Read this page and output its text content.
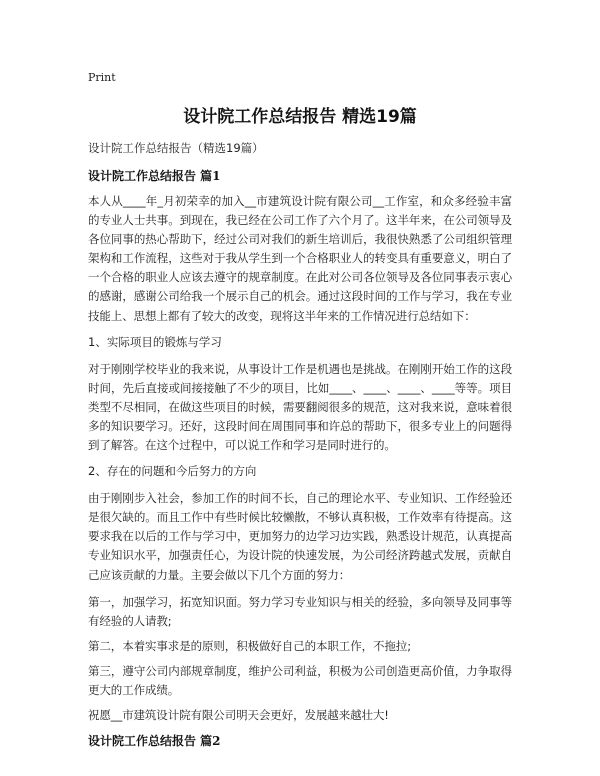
Print
设计院工作总结报告 精选19篇
设计院工作总结报告（精选19篇）
设计院工作总结报告 篇1
本人从____年_月初荣幸的加入__市建筑设计院有限公司__工作室，和众多经验丰富的专业人士共事。到现在，我已经在公司工作了六个月了。这半年来，在公司领导及各位同事的热心帮助下，经过公司对我们的新生培训后，我很快熟悉了公司组织管理架构和工作流程，这些对于我从学生到一个合格职业人的转变具有重要意义，明白了一个合格的职业人应该去遵守的规章制度。在此对公司各位领导及各位同事表示衷心的感谢，感谢公司给我一个展示自己的机会。通过这段时间的工作与学习，我在专业技能上、思想上都有了较大的改变，现将这半年来的工作情况进行总结如下：
1、实际项目的锻炼与学习
对于刚刚学校毕业的我来说，从事设计工作是机遇也是挑战。在刚刚开始工作的这段时间，先后直接或间接接触了不少的项目，比如____、____、____、____等等。项目类型不尽相同，在做这些项目的时候，需要翻阅很多的规范，这对我来说，意味着很多的知识要学习。还好，这段时间在周围同事和许总的帮助下，很多专业上的问题得到了解答。在这个过程中，可以说工作和学习是同时进行的。
2、存在的问题和今后努力的方向
由于刚刚步入社会，参加工作的时间不长，自己的理论水平、专业知识、工作经验还是很欠缺的。而且工作中有些时候比较懒散，不够认真积极，工作效率有待提高。这要求我在以后的工作与学习中，更加努力的边学习边实践，熟悉设计规范，认真提高专业知识水平，加强责任心，为设计院的快速发展，为公司经济跨越式发展，贡献自己应该贡献的力量。主要会做以下几个方面的努力：
第一，加强学习，拓宽知识面。努力学习专业知识与相关的经验，多向领导及同事等有经验的人请教;
第二，本着实事求是的原则，积极做好自己的本职工作，不拖拉;
第三，遵守公司内部规章制度，维护公司利益，积极为公司创造更高价值，力争取得更大的工作成绩。
祝愿__市建筑设计院有限公司明天会更好，发展越来越壮大!
设计院工作总结报告 篇2
